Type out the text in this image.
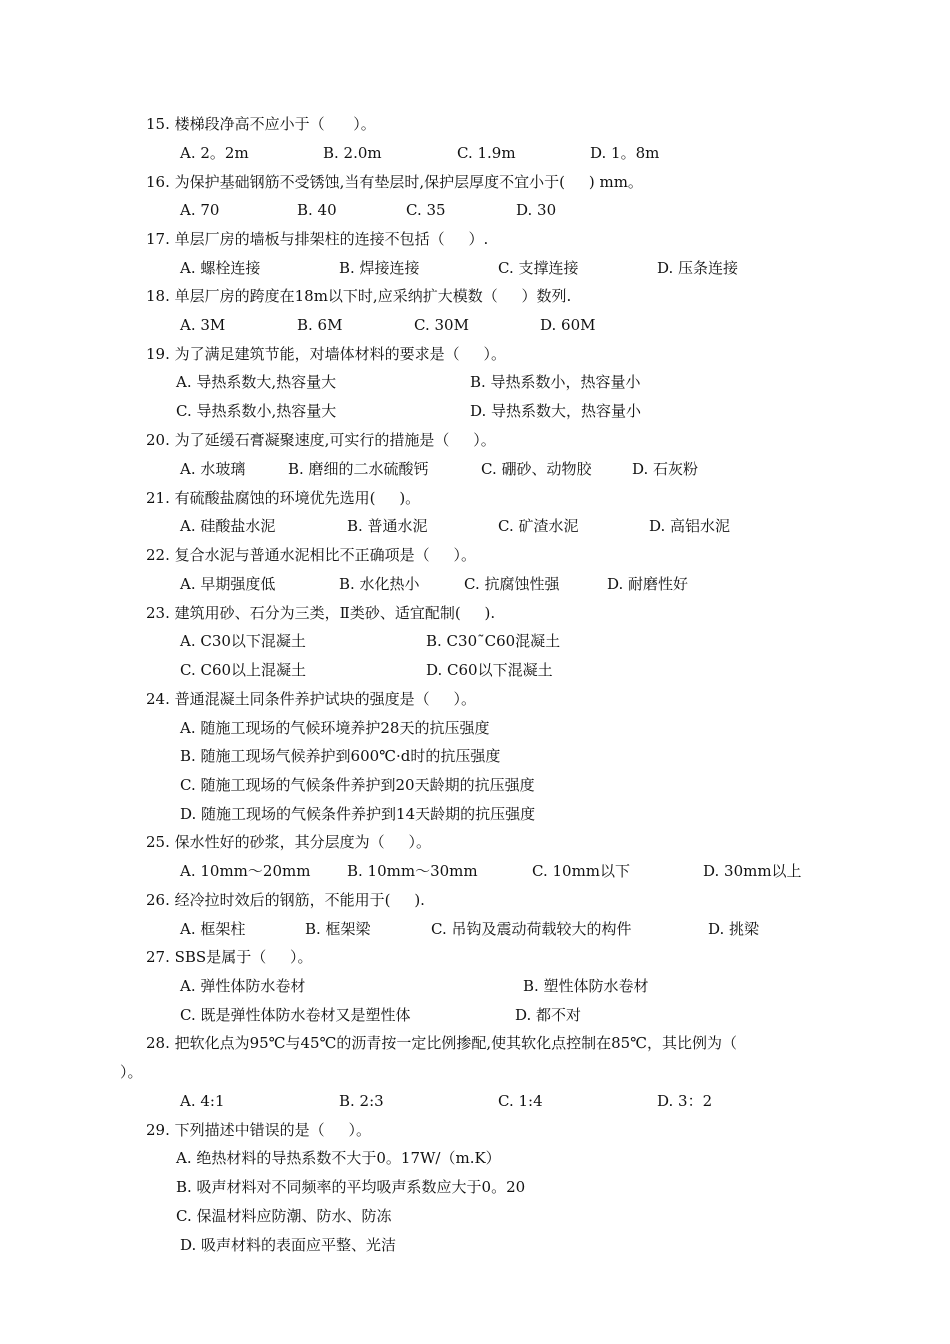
15. 楼梯段净高不应小于（      ）。
A. 2。2m	B. 2.0m	C. 1.9m	D. 1。8m
16. 为保护基础钢筋不受锈蚀,当有垫层时,保护层厚度不宜小于(     ) mm。
A. 70	B. 40	C. 35	D. 30
17. 单层厂房的墙板与排架柱的连接不包括（     ）.
A. 螺栓连接	B. 焊接连接	C. 支撑连接	D. 压条连接
18. 单层厂房的跨度在18m以下时,应采纳扩大模数（     ）数列.
A. 3M	B. 6M	C. 30M	D. 60M
19. 为了满足建筑节能，对墙体材料的要求是（     ）。
A. 导热系数大,热容量大	B. 导热系数小，热容量小
C. 导热系数小,热容量大	D. 导热系数大，热容量小
20. 为了延缓石膏凝聚速度,可实行的措施是（     ）。
A. 水玻璃	B. 磨细的二水硫酸钙	C. 硼砂、动物胶	D. 石灰粉
21. 有硫酸盐腐蚀的环境优先选用(     )。
A. 硅酸盐水泥	B. 普通水泥	C. 矿渣水泥	D. 高铝水泥
22. 复合水泥与普通水泥相比不正确项是（     ）。
A. 早期强度低	B. 水化热小	C. 抗腐蚀性强	D. 耐磨性好
23. 建筑用砂、石分为三类，Ⅱ类砂、适宜配制(     ).
A. C30以下混凝土	B. C30˜C60混凝土
C. C60以上混凝土	D. C60以下混凝土
24. 普通混凝土同条件养护试块的强度是（     ）。
A. 随施工现场的气候环境养护28天的抗压强度
B. 随施工现场气候养护到600℃·d时的抗压强度
C. 随施工现场的气候条件养护到20天龄期的抗压强度
D. 随施工现场的气候条件养护到14天龄期的抗压强度
25. 保水性好的砂浆，其分层度为（     ）。
A. 10mm～20mm B. 10mm～30mm	C. 10mm以下	D. 30mm以上
26. 经冷拉时效后的钢筋，不能用于(     ).
A. 框架柱	B. 框架梁	C. 吊钩及震动荷载较大的构件	D. 挑梁
27. SBS是属于（     ）。
A. 弹性体防水卷材	B. 塑性体防水卷材
C. 既是弹性体防水卷材又是塑性体	D. 都不对
28. 把软化点为95℃与45℃的沥青按一定比例掺配,使其软化点控制在85℃，其比例为（
）。
A. 4:1	B. 2:3	C. 1:4	D. 3：2
29. 下列描述中错误的是（     ）。
A. 绝热材料的导热系数不大于0。17W/（m.K）
B. 吸声材料对不同频率的平均吸声系数应大于0。20
C. 保温材料应防潮、防水、防冻
D. 吸声材料的表面应平整、光洁
